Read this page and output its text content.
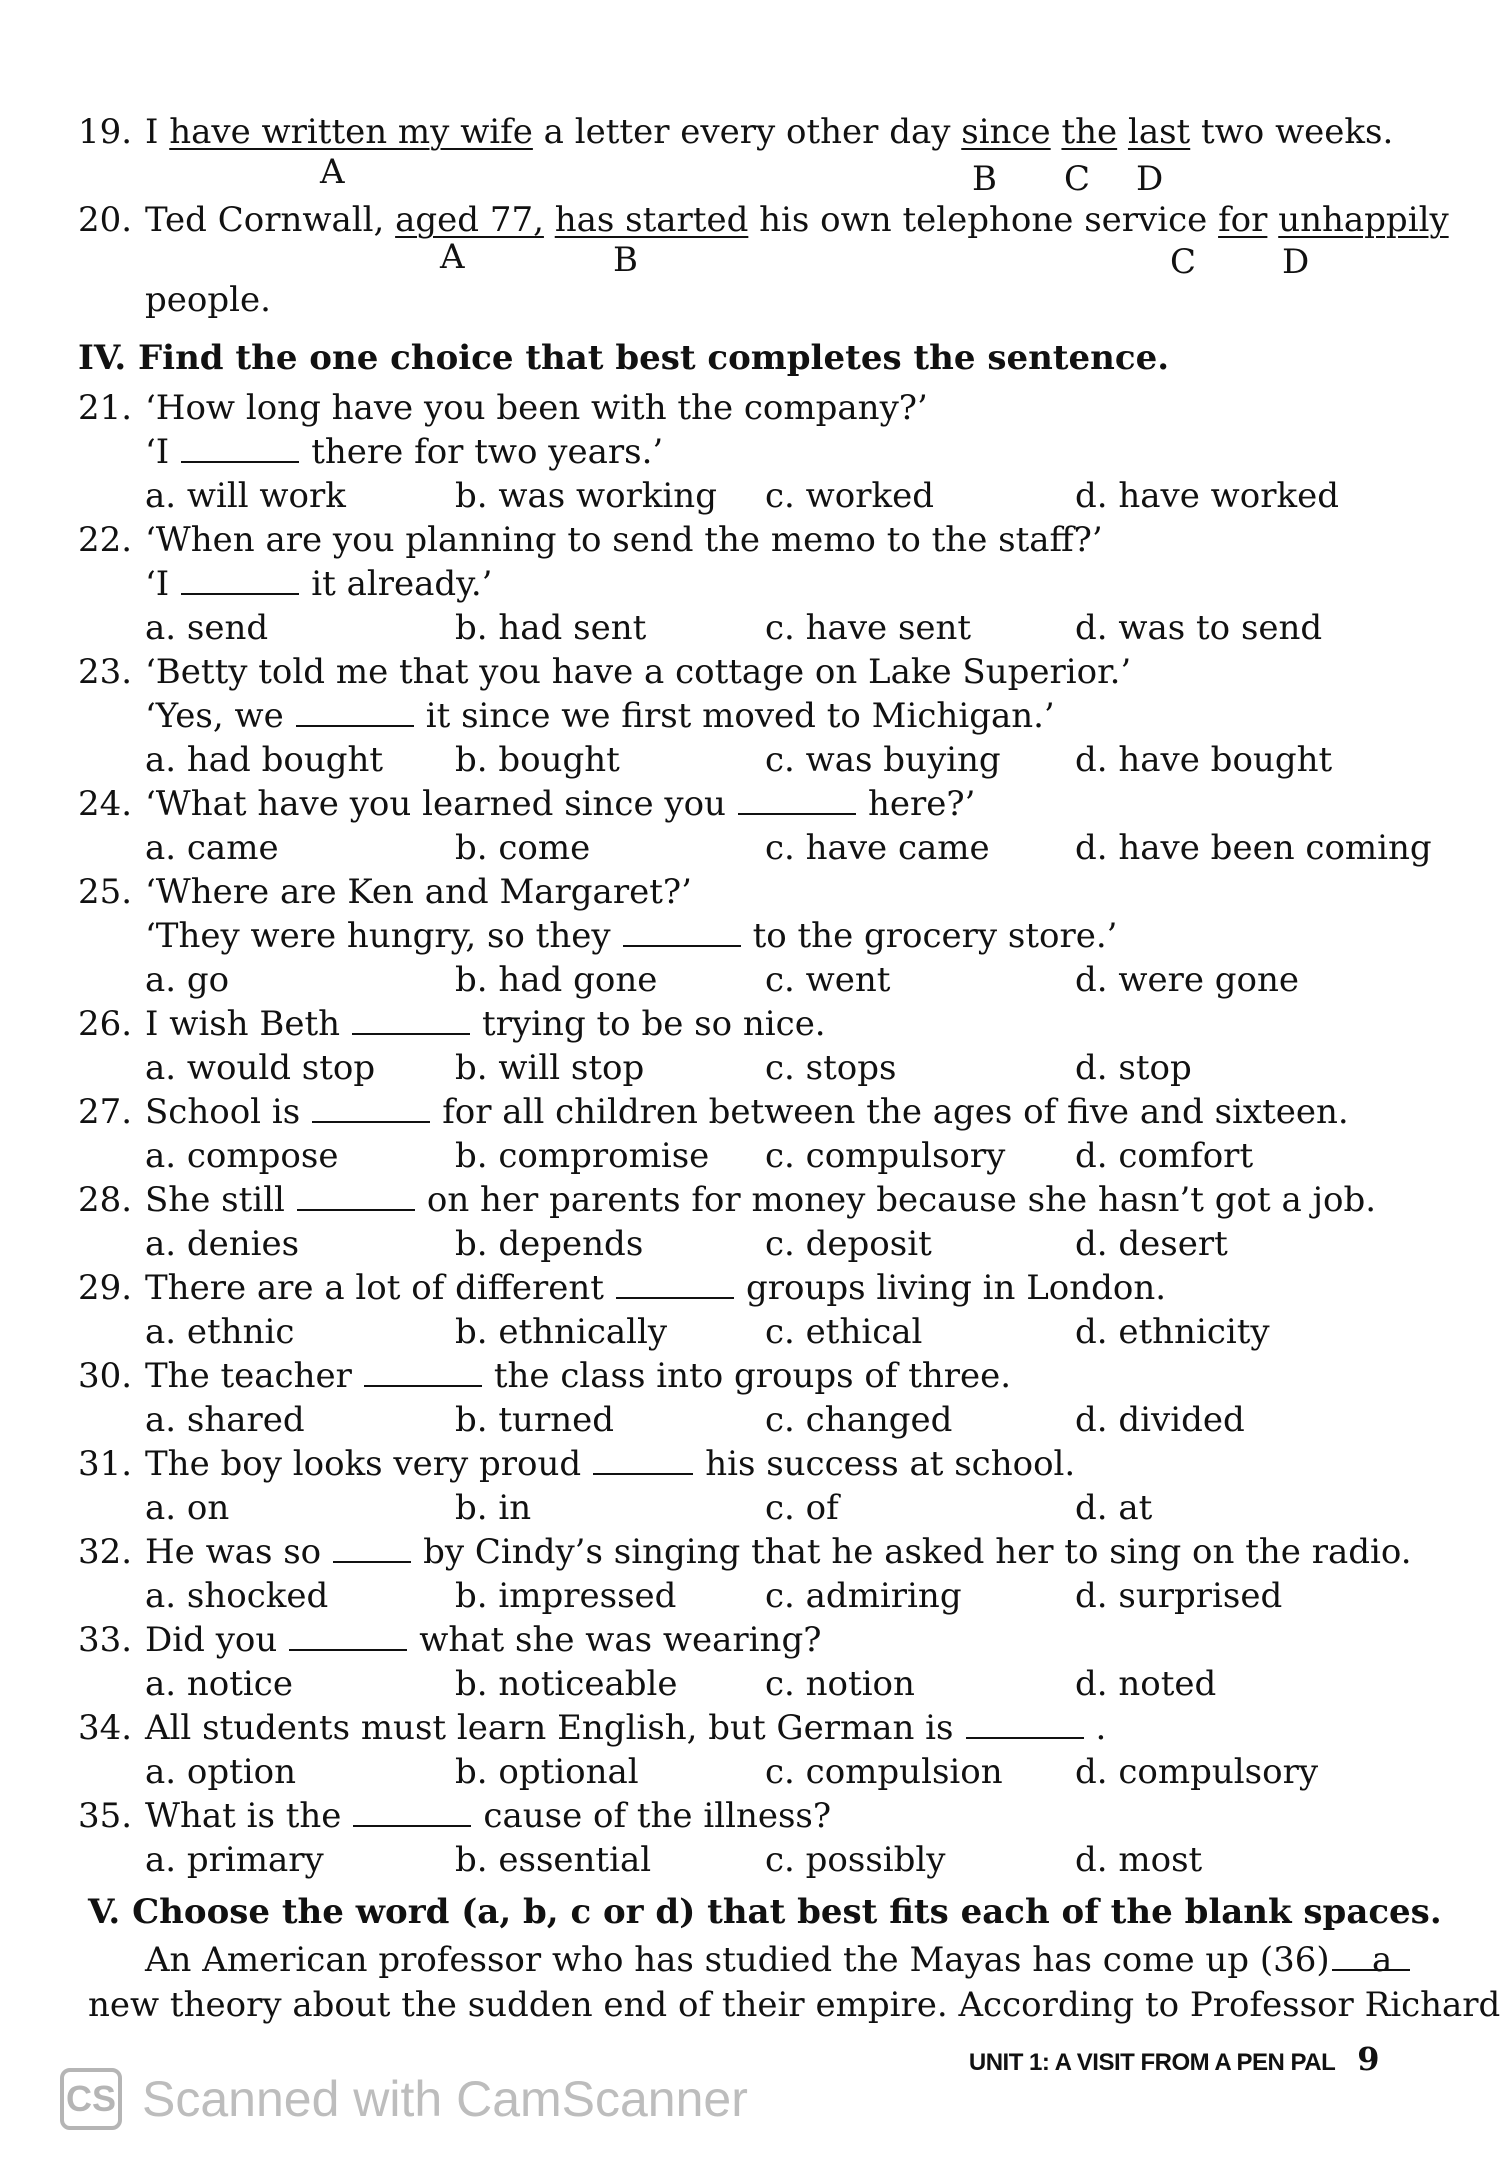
19. I have written my wife a letter every other day since the last two weeks.
A	B C D
20. Ted Cornwall, aged 77, has started his own telephone service for unhappily
A	B	C	D
people.
IV. Find the one choice that best completes the sentence.
21. ‘How long have you been with the company?’
‘I	there for two years.’
a. will work	b. was working c. worked	d. have worked
22. ‘When are you planning to send the memo to the staff?’
‘I	it already.’
a. send	b. had sent	c. have sent	d. was to send
23. ‘Betty told me that you have a cottage on Lake Superior.’
‘Yes, we	it since we first moved to Michigan.’
a. had bought b. bought	c. was buying d. have bought
24. ‘What have you learned since you	here?’
a. came	b. come	c. have came	d. have been coming
25. ‘Where are Ken and Margaret?’
‘They were hungry, so they	to the grocery store.’
a. go	b. had gone	c. went	d. were gone
26. I wish Beth	trying to be so nice.
a. would stop b. will stop	c. stops	d. stop
27. School is	for all children between the ages of five and sixteen.
a. compose	b. compromise c. compulsory d. comfort
28. She still	on her parents for money because she hasn’t got a job.
a. denies	b. depends	c. deposit	d. desert
29. There are a lot of different	groups living in London.
a. ethnic	b. ethnically	c. ethical	d. ethnicity
30. The teacher	the class into groups of three.
a. shared	b. turned	c. changed	d. divided
31. The boy looks very proud	his success at school.
a. on	b. in	c. of	d. at
32. He was so	by Cindy’s singing that he asked her to sing on the radio.
a. shocked	b. impressed	c. admiring	d. surprised
33. Did you	what she was wearing?
a. notice	b. noticeable	c. notion	d. noted
34. All students must learn English, but German is	.
a. option	b. optional	c. compulsion d. compulsory
35. What is the	cause of the illness?
a. primary	b. essential	c. possibly	d. most
V. Choose the word (a, b, c or d) that best fits each of the blank spaces.
An American professor who has studied the Mayas has come up (36) a
new theory about the sudden end of their empire. According to Professor Richard
UNIT 1: A VISIT FROM A PEN PAL 9
CS Scanned with CamScanner
